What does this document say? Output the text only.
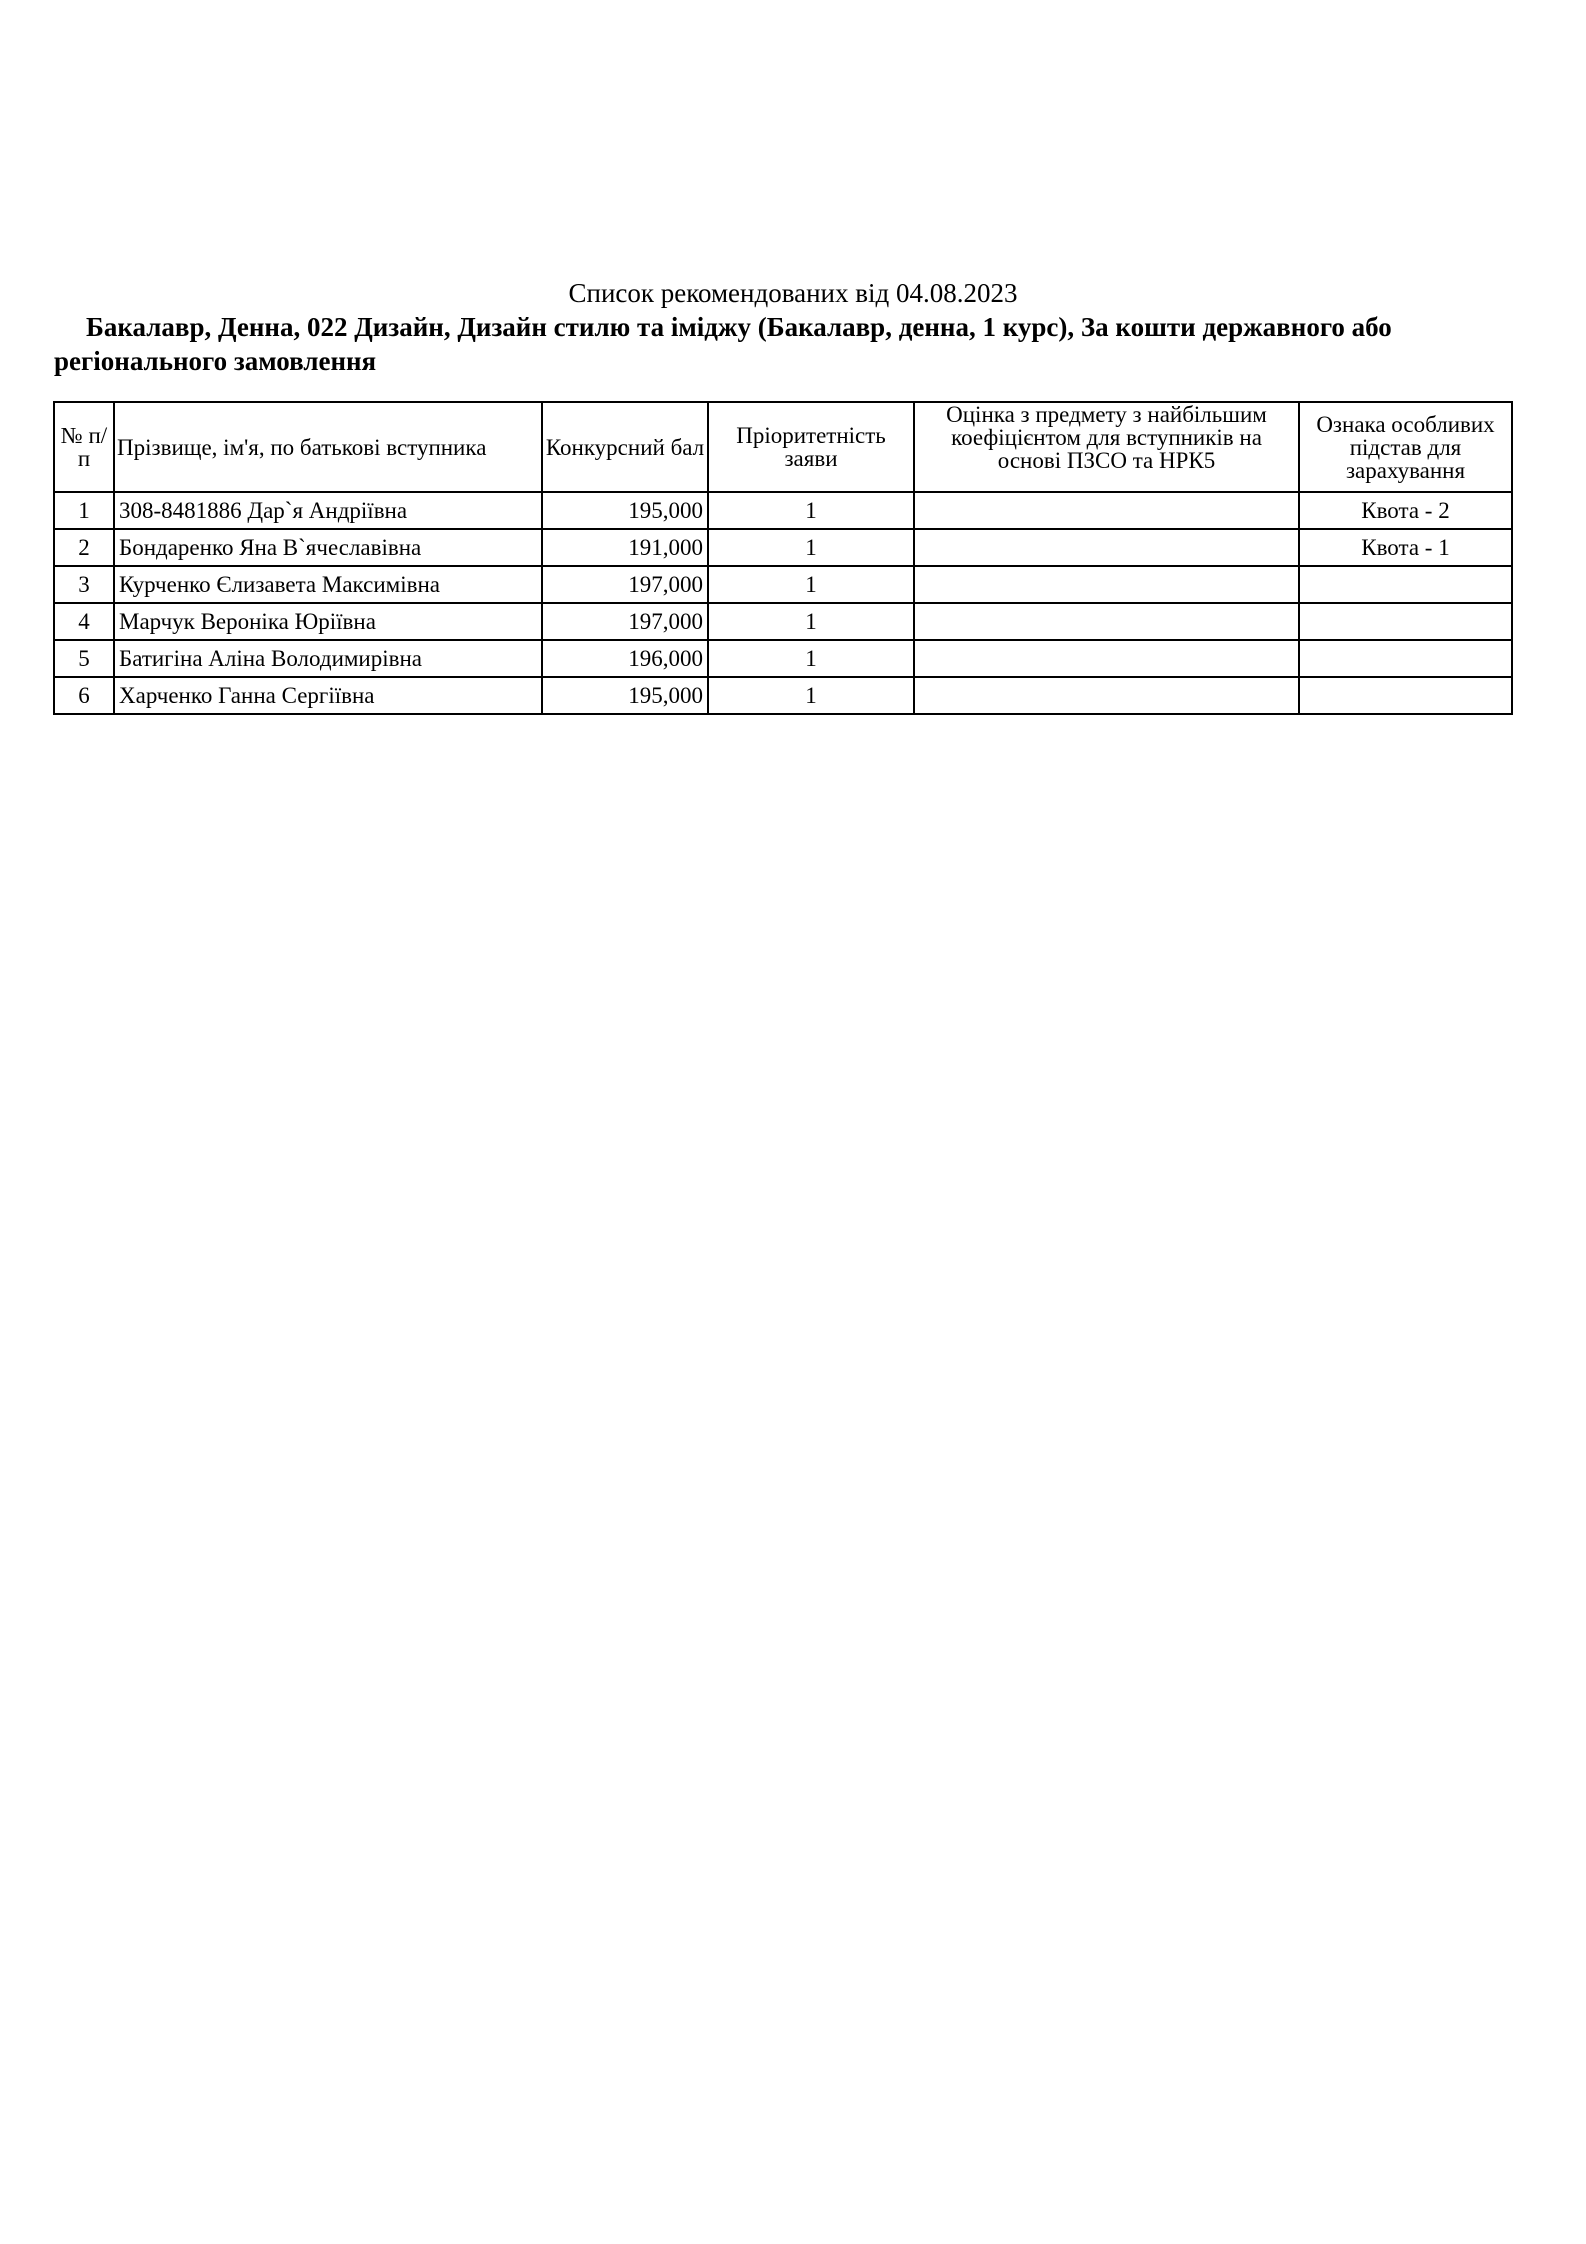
Список рекомендованих від 04.08.2023

Бакалавр, Денна, 022 Дизайн, Дизайн стилю та іміджу (Бакалавр, денна, 1 курс), За кошти державного або регіонального замовлення

№ п/п	Прізвище, ім'я, по батькові вступника	Конкурсний бал	Пріоритетність заяви	Оцінка з предмету з найбільшим коефіцієнтом для вступників на основі ПЗСО та НРК5	Ознака особливих підстав для зарахування
1	308-8481886 Дар`я Андріївна	195,000	1		Квота - 2
2	Бондаренко Яна В`ячеславівна	191,000	1		Квота - 1
3	Курченко Єлизавета Максимівна	197,000	1		
4	Марчук Вероніка Юріївна	197,000	1		
5	Батигіна Аліна Володимирівна	196,000	1		
6	Харченко Ганна Сергіївна	195,000	1		
